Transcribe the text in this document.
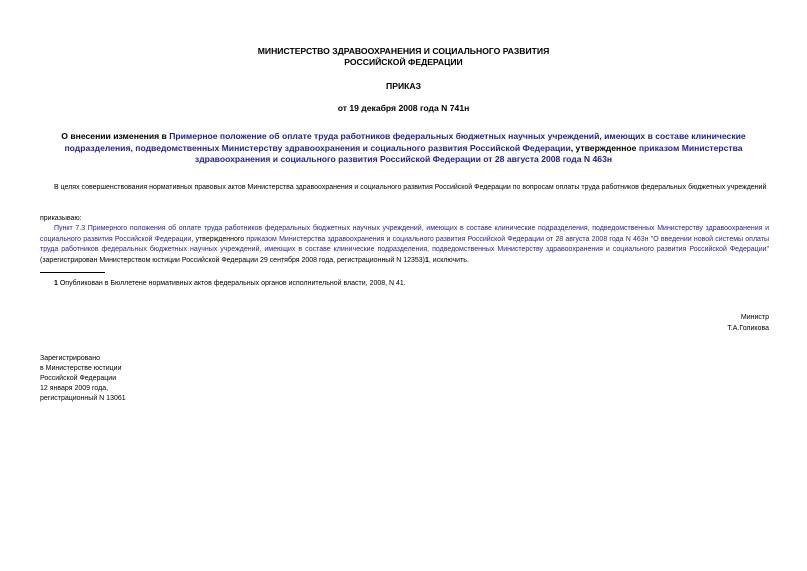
МИНИСТЕРСТВО ЗДРАВООХРАНЕНИЯ И СОЦИАЛЬНОГО РАЗВИТИЯ
РОССИЙСКОЙ ФЕДЕРАЦИИ
ПРИКАЗ
от 19 декабря 2008 года N 741н
О внесении изменения в Примерное положение об оплате труда работников федеральных бюджетных научных учреждений, имеющих в составе клинические подразделения, подведомственных Министерству здравоохранения и социального развития Российской Федерации, утвержденное приказом Министерства здравоохранения и социального развития Российской Федерации от 28 августа 2008 года N 463н
В целях совершенствования нормативных правовых актов Министерства здравоохранения и социального развития Российской Федерации по вопросам оплаты труда работников федеральных бюджетных учреждений
приказываю:
Пункт 7.3 Примерного положения об оплате труда работников федеральных бюджетных научных учреждений, имеющих в составе клинические подразделения, подведомственных Министерству здравоохранения и социального развития Российской Федерации, утвержденного приказом Министерства здравоохранения и социального развития Российской Федерации от 28 августа 2008 года N 463н "О введении новой системы оплаты труда работников федеральных бюджетных научных учреждений, имеющих в составе клинические подразделения, подведомственных Министерству здравоохранения и социального развития Российской Федерации" (зарегистрирован Министерством юстиции Российской Федерации 29 сентября 2008 года, регистрационный N 12353)1, исключить.
1 Опубликован в Бюллетене нормативных актов федеральных органов исполнительной власти, 2008, N 41.
Министр
Т.А.Голикова
Зарегистрировано
в Министерстве юстиции
Российской Федерации
12 января 2009 года,
регистрационный N 13061
